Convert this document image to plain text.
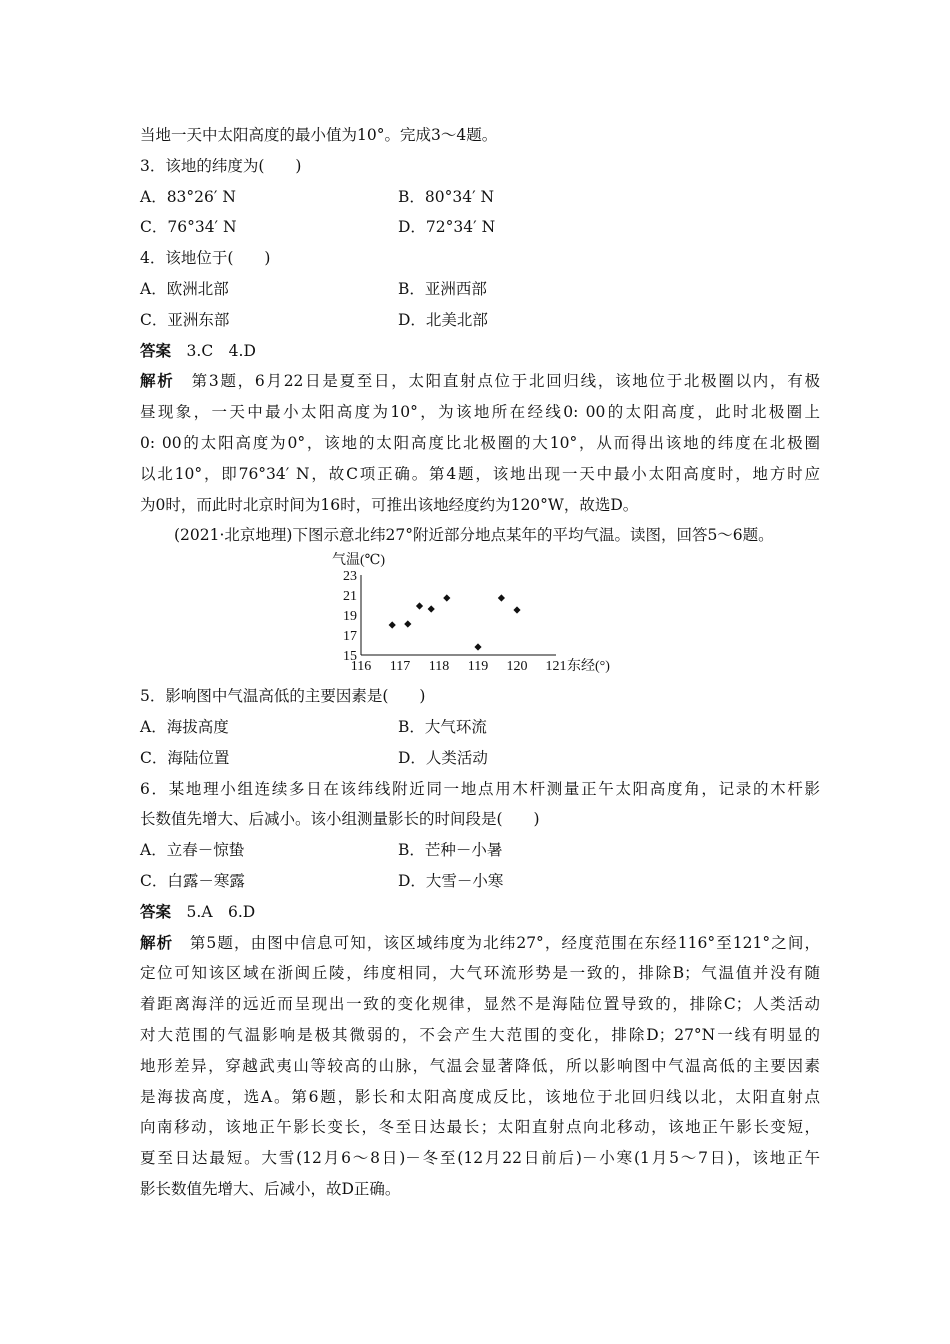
当地一天中太阳高度的最小值为10°。完成3～4题。
3．该地的纬度为(　　)
A．83°26′ N	B．80°34′ N
C．76°34′ N	D．72°34′ N
4．该地位于(　　)
A．欧洲北部	B．亚洲西部
C．亚洲东部	D．北美北部
答案　 3.C　4.D
解析　 第3题，6月22日是夏至日，太阳直射点位于北回归线，该地位于北极圈以内，有极
昼现象，一天中最小太阳高度为10°，为该地所在经线0: 00的太阳高度，此时北极圈上
0: 00的太阳高度为0°，该地的太阳高度比北极圈的大10°，从而得出该地的纬度在北极圈
以北10°，即76°34′ N，故C项正确。第4题，该地出现一天中最小太阳高度时，地方时应
为0时，而此时北京时间为16时，可推出该地经度约为120°W，故选D。
(2021·北京地理)下图示意北纬27°附近部分地点某年的平均气温。读图，回答5～6题。
气温(℃)
东经(°)
23
21
19
17
15
116 117 118 119 120 121
5．影响图中气温高低的主要因素是(　　)
A．海拔高度	B．大气环流
C．海陆位置	D．人类活动
6．某地理小组连续多日在该纬线附近同一地点用木杆测量正午太阳高度角，记录的木杆影
长数值先增大、后减小。该小组测量影长的时间段是(　　)
A．立春－惊蛰	B．芒种－小暑
C．白露－寒露	D．大雪－小寒
答案　 5.A　6.D
解析　 第5题，由图中信息可知，该区域纬度为北纬27°，经度范围在东经116°至121°之间，
定位可知该区域在浙闽丘陵，纬度相同，大气环流形势是一致的，排除B；气温值并没有随
着距离海洋的远近而呈现出一致的变化规律，显然不是海陆位置导致的，排除C；人类活动
对大范围的气温影响是极其微弱的，不会产生大范围的变化，排除D；27°N一线有明显的
地形差异，穿越武夷山等较高的山脉，气温会显著降低，所以影响图中气温高低的主要因素
是海拔高度，选A。第6题，影长和太阳高度成反比，该地位于北回归线以北，太阳直射点
向南移动，该地正午影长变长，冬至日达最长；太阳直射点向北移动，该地正午影长变短，
夏至日达最短。大雪(12月6～8日)－冬至(12月22日前后)－小寒(1月5～7日)，该地正午
影长数值先增大、后减小，故D正确。
